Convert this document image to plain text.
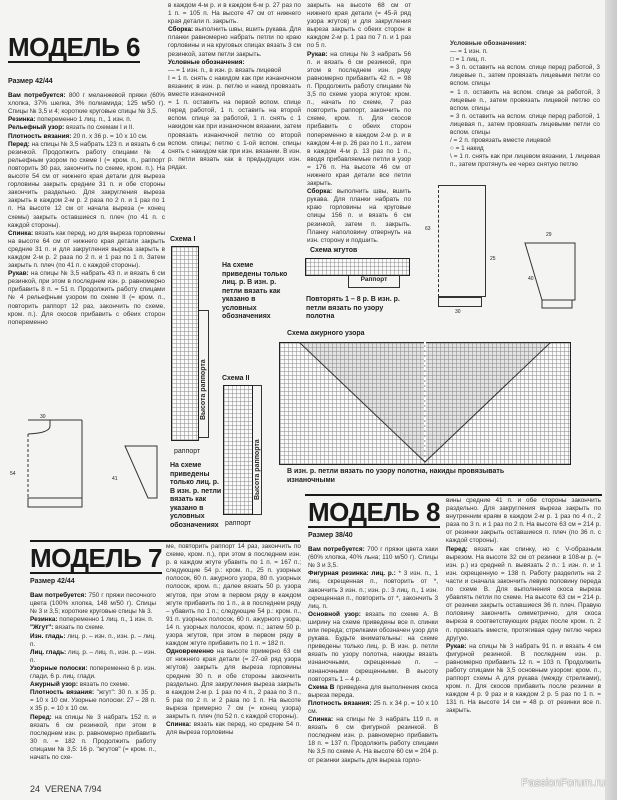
МОДЕЛЬ 6

Размер 42/44

Вам потребуется: 800 г меланжевой пряжи (60% хлопка, 37% шелка, 3% полиамида; 125 м/50 г). Спицы № 3,5 и 4; короткие круговые спицы № 3,5.

Резинка: попеременно 1 лиц. п., 1 изн. п.

Рельефный узор: вязать по схемам I и II.

Плотность вязания: 20 п. х 36 р. = 10 х 10 см.

Перед: на спицы № 3,5 набрать 123 п. и вязать 6 см резинкой. Продолжить работу спицами № 4 рельефным узором по схеме I (= кром. п., раппорт повторить 30 раз, закончить по схеме, кром. п.). На высоте 54 см от нижнего края детали для выреза горловины закрыть средние 31 п. и обе стороны закончить раздельно. Для закругления выреза закрыть в каждом 2-м р. 2 раза по 2 п. и 1 раз по 1 п. На высоте 12 см от начала выреза (= конец схемы) закрыть оставшиеся п. плеч (по 41 п. с каждой стороны).

Спинка: вязать как перед, но для выреза горловины на высоте 64 см от нижнего края детали закрыть средние 31 п. и для закругления выреза закрыть в каждом 2-м р. 2 раза по 2 п. и 1 раз по 1 п. Затем закрыть п. плеч (по 41 п. с каждой стороны).

Рукав: на спицы № 3,5 набрать 43 п. и вязать 6 см резинкой, при этом в последнем изн. р. равномерно прибавить 8 п. = 51 п. Продолжить работу спицами № 4 рельефным узором по схеме II (= кром. п., повторить раппорт 12 раз, закончить по схеме, кром. п.). Для скосов прибавить с обеих сторон попеременно

в каждом 4-м р. и в каждом 6-м р. 27 раз по 1 п. = 105 п. На высоте 47 см от нижнего края детали п. закрыть.

Сборка: выполнить швы, вшить рукава. Для планки равномерно набрать петли по краю горловины и на круговых спицах вязать 3 см резинкой, затем петли закрыть.

Условные обозначения:

— = 1 изн. п., в изн. р. вязать лицевой

I = 1 п. снять с накидом как при изнаночном вязании; в изн. р. петлю и накид провязать вместе изнаночной

= 1 п. оставить на первой вспом. спице перед работой, 1 п. оставить на второй вспом. спице за работой, 1 п. снять с 1 накидом как при изнаночном вязании, затем провязать изнаночной петлю со второй вспом. спицы; петлю с 1-ой вспом. спицы снять с накидом как при изн. вязании. В изн. р. петли вязать как в предыдущих изн. рядах.

закрыть на высоте 68 см от нижнего края детали (= 45-й ряд узора жгутов) и для закругления выреза закрыть с обеих сторон в каждом 2-м р. 1 раз по 7 п. и 1 раз по 5 п.

Рукав: на спицы № 3 набрать 56 п. и вязать 6 см резинкой, при этом в последнем изн. ряду равномерно прибавить 42 п. = 98 п. Продолжить работу спицами № 3,5 по схеме узора жгутов: кром. п., начать по схеме, 7 раз повторить раппорт, закончить по схеме, кром. п. Для скосов прибавить с обеих сторон попеременно в каждом 2-м р. и в каждом 4-м р. 26 раз по 1 п., затем в каждом 4-м р. 13 раз по 1 п., вводя прибавляемые петли в узор = 176 п. На высоте 46 см от нижнего края детали все петли закрыть.

Сборка: выполнить швы, вшить рукава. Для планки набрать по краю горловины на круговые спицы 156 п. и вязать 6 см резинкой, затем п. закрыть. Планку наполовину отвернуть на изн. сторону и подшить.

Условные обозначения:

— = 1 изн. п.

□ = 1 лиц. п.

= 3 п. оставить на вспом. спице перед работой, 3 лицевые п., затем провязать лицевыми петли со вспом. спицы

= 1 п. оставить на вспом. спице за работой, 3 лицевые п., затем провязать лицевой петлю со вспом. спицы

= 3 п. оставить на вспом. спице перед работой, 1 лицевая п., затем провязать лицевыми петли со вспом. спицы

/ = 2 п. провязать вместе лицевой

○ = 1 накид

\ = 1 п. снять как при лицевом вязании, 1 лицевая п., затем протянуть ее через снятую петлю

63
25
30
29
40
Схема I
Высота раппорта
раппорт
На схеме приведены только лиц. р. В изн. р. петли вязать как указано в условных обозначениях
Схема II
Высота раппорта
раппорт
На схеме приведены только лиц. р. В изн. р. петли вязать как указано в условных обозначениях
Схема жгутов
Раппорт
Повторять 1 – 8 р. В изн. р. петли вязать по узору полотна
Схема ажурного узора
В изн. р. петли вязать по узору полотна, накиды провязывать изнаночными
30
54
41
МОДЕЛЬ 7

Размер 42/44

Вам потребуется: 750 г пряжи песочного цвета (100% хлопка, 148 м/50 г). Спицы № 3 и 3,5; короткие круговые спицы № 3.

Резинка: попеременно 1 лиц. п., 1 изн. п.

"Жгут": вязать по схеме.

Изн. гладь: лиц. р. – изн. п., изн. р. – лиц. п.

Лиц. гладь: лиц. р. – лиц. п., изн. р. – изн. п.

Узорные полоски: попеременно 6 р. изн. глади, 6 р. лиц. глади.

Ажурный узор: вязать по схеме.

Плотность вязания: "жгут": 30 п. х 35 р. = 10 х 10 см. Узорные полоски: 27 – 28 п. х 35 р. = 10 х 10 см.

Перед: на спицы № 3 набрать 152 п. и вязать 6 см резинкой, при этом в последнем изн. р. равномерно прибавить 30 п. = 182 п. Продолжить работу спицами № 3,5: 16 р. "жгутов" (= кром. п., начать по схе-

ме, повторить раппорт 14 раз, закончить по схеме, кром. п.), при этом в последнем изн. р. в каждом жгуте убавить по 1 п. = 167 п.; следующие 54 р.: кром. п., 25 п. узорных полосок, 60 п. ажурного узора, 80 п. узорных полосок, кром. п.; далее вязать 50 р. узора жгутов, при этом в первом ряду в каждом жгуте прибавить по 1 п., а в последнем ряду – убавить по 1 п.; следующие 54 р.: кром. п., 91 п. узорных полосок, 60 п. ажурного узора, 14 п. узорных полосок, кром. п.; затем 50 р. узора жгутов, при этом в первом ряду в каждом жгуте прибавить по 1 п. = 182 п.

Одновременно на высоте примерно 63 см от нижнего края детали (= 27-ой ряд узора жгутов) закрыть для выреза горловины средние 30 п. и обе стороны закончить раздельно. Для закругления выреза закрыть в каждом 2-м р. 1 раз по 4 п., 2 раза по 3 п., 5 раз по 2 п. и 2 раза по 1 п. На высоте выреза примерно 7 см (= конец узора) закрыть п. плеч (по 52 п. с каждой стороны).

Спинка: вязать как перед, но средние 54 п. для выреза горловины

МОДЕЛЬ 8

Размер 38/40

Вам потребуется: 700 г пряжи цвета хаки (60% хлопка, 40% льна; 110 м/50 г). Спицы № 3 и 3,5.

Фигурная резинка: лиц. р.: * 3 изн. п., 1 лиц. скрещенная п., повторить от *, закончить 3 изн. п.; изн. р.: 3 лиц. п., 1 изн. скрещенная п., повторить от *, закончить 3 лиц. п.

Основной узор: вязать по схеме А. В ширину на схеме приведены все п. спинки или переда; стрелками обозначен узор для рукава. Будьте внимательны: на схеме приведены только лиц. р. В изн. р. петли вязать по узору полотна, накиды вязать изнаночными, скрещенные п. – изнаночными скрещенными. В высоту повторять 1 – 4 р.

Схема В приведена для выполнения скоса выреза переда.

Плотность вязания: 25 п. х 34 р. = 10 х 10 см.

Спинка: на спицы № 3 набрать 119 п. и вязать 6 см фигурной резинкой. В последнем изн. р. равномерно прибавить 18 п. = 137 п. Продолжить работу спицами № 3,5 по схеме А. На высоте 60 см = 204 р. от резинки закрыть для выреза горло-

вины средние 41 п. и обе стороны закончить раздельно. Для закругления выреза закрыть по внутренним краям в каждом 2-м р. 1 раз по 4 п., 2 раза по 3 п. и 1 раз по 2 п. На высоте 63 см = 214 р. от резинки закрыть оставшиеся п. плеч (по 36 п. с каждой стороны).

Перед: вязать как спинку, но с V-образным вырезом. На высоте 32 см от резинки в 108-м р. (= изн. р.) из средней п. вывязать 2 п.: 1 изн. п. и 1 изн. скрещенную = 138 п. Работу разделить на 2 части и сначала закончить левую половину переда по схеме В. Для выполнения скоса выреза убавлять петли по схеме. На высоте 63 см = 214 р. от резинки закрыть оставшиеся 36 п. плеч. Правую половину закончить симметрично, для скоса выреза в соответствующих рядах после кром. п. 2 п. провязать вместе, протягивая одну петлю через другую.

Рукав: на спицы № 3 набрать 91 п. и вязать 4 см фигурной резинкой. В последнем изн. р. равномерно прибавить 12 п. = 103 п. Продолжить работу спицами № 3,5 основным узором: кром. п., раппорт схемы А для рукава (между стрелками), кром. п. Для скосов прибавить после резинки в каждом 4 р. 9 раз и в каждом 2 р. 5 раз по 1 п. = 131 п. На высоте 14 см = 48 р. от резинки все п. закрыть.

24 VERENA 7/94	PassionForum.ru
